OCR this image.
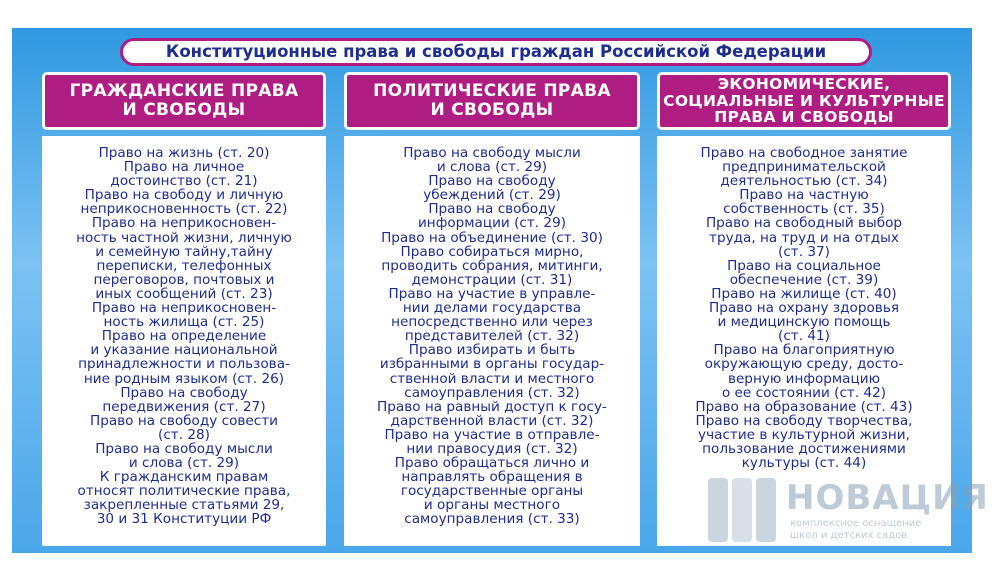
Конституционные права и свободы граждан Российской Федерации
ГРАЖДАНСКИЕ ПРАВА
И СВОБОДЫ
ПОЛИТИЧЕСКИЕ ПРАВА
И СВОБОДЫ
ЭКОНОМИЧЕСКИЕ,
СОЦИАЛЬНЫЕ И КУЛЬТУРНЫЕ
ПРАВА И СВОБОДЫ
Право на жизнь (ст. 20)
Право на личное
достоинство (ст. 21)
Право на свободу и личную
неприкосновенность (ст. 22)
Право на неприкосновен-
ность частной жизни, личную
и семейную тайну,тайну
переписки, телефонных
переговоров, почтовых и
иных сообщений (ст. 23)
Право на неприкосновен-
ность жилища (ст. 25)
Право на определение
и указание национальной
принадлежности и пользова-
ние родным языком (ст. 26)
Право на свободу
передвижения (ст. 27)
Право на свободу совести
(ст. 28)
Право на свободу мысли
и слова (ст. 29)
К гражданским правам
относят политические права,
закрепленные статьями 29,
30 и 31 Конституции РФ
Право на свободу мысли
и слова (ст. 29)
Право на свободу
убеждений (ст. 29)
Право на свободу
информации (ст. 29)
Право на объединение (ст. 30)
Право собираться мирно,
проводить собрания, митинги,
демонстрации (ст. 31)
Право на участие в управле-
нии делами государства
непосредственно или через
представителей (ст. 32)
Право избирать и быть
избранными в органы государ-
ственной власти и местного
самоуправления (ст. 32)
Право на равный доступ к госу-
дарственной власти (ст. 32)
Право на участие в отправле-
нии правосудия (ст. 32)
Право обращаться лично и
направлять обращения в
государственные органы
и органы местного
самоуправления (ст. 33)
Право на свободное занятие
предпринимательской
деятельностью (ст. 34)
Право на частную
собственность (ст. 35)
Право на свободный выбор
труда, на труд и на отдых
(ст. 37)
Право на социальное
обеспечение (ст. 39)
Право на жилище (ст. 40)
Право на охрану здоровья
и медицинскую помощь
(ст. 41)
Право на благоприятную
окружающую среду, досто-
верную информацию
о ее состоянии (ст. 42)
Право на образование (ст. 43)
Право на свободу творчества,
участие в культурной жизни,
пользование достижениями
культуры (ст. 44)
НОВАЦИЯ
комплексное оснащение
школ и детских садов
